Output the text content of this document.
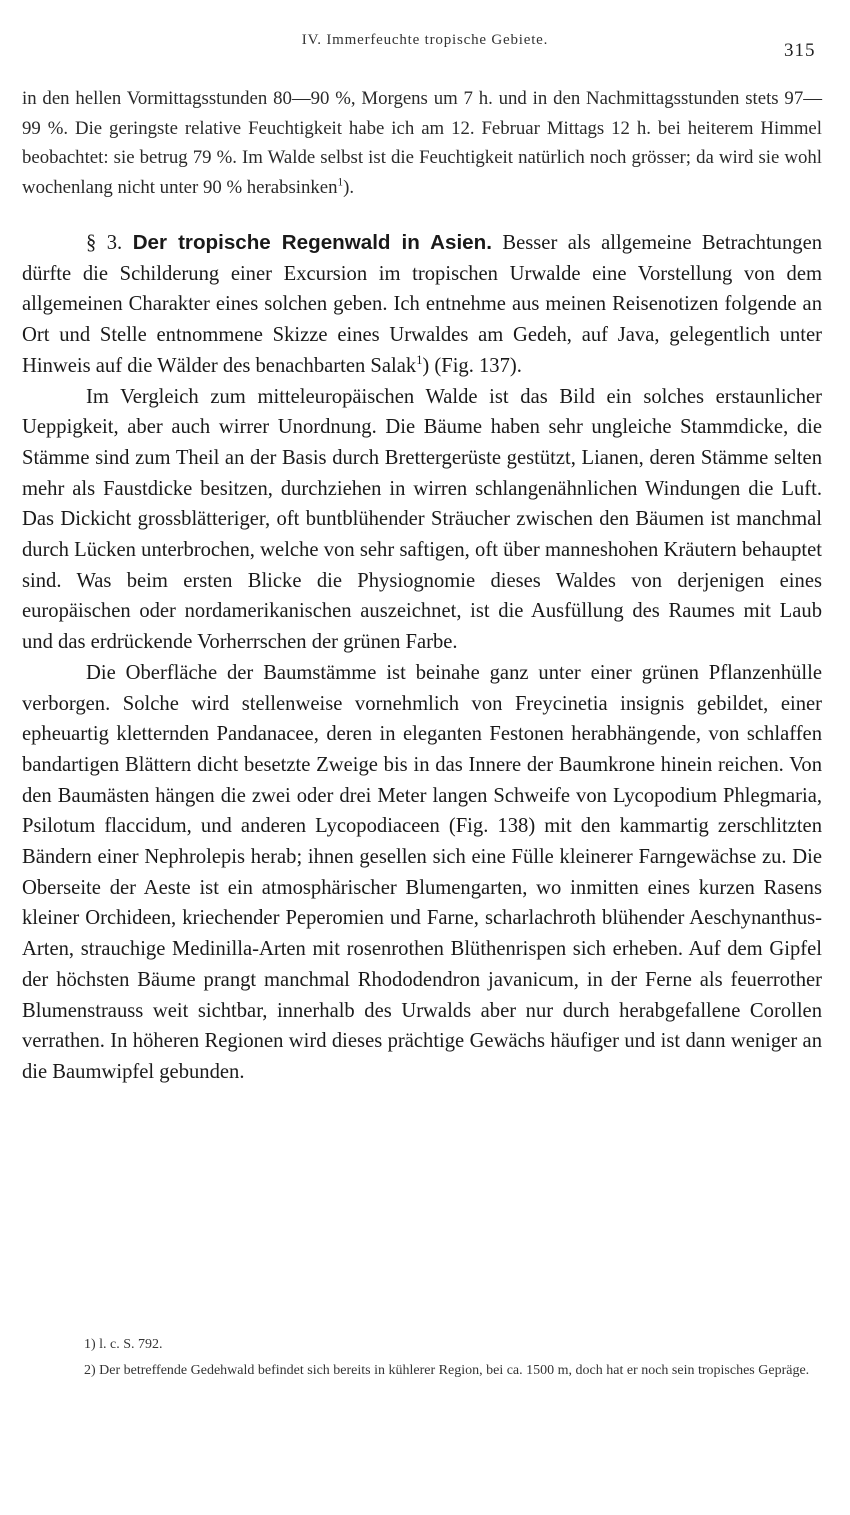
IV. Immerfeuchte tropische Gebiete.	315

in den hellen Vormittagsstunden 80—90 %, Morgens um 7 h. und in den Nachmittagsstunden stets 97—99 %. Die geringste relative Feuchtigkeit habe ich am 12. Februar Mittags 12 h. bei heiterem Himmel beobachtet: sie betrug 79 %. Im Walde selbst ist die Feuchtigkeit natürlich noch grösser; da wird sie wohl wochenlang nicht unter 90 % herabsinken$^1$).

§ 3. Der tropische Regenwald in Asien. Besser als allgemeine Betrachtungen dürfte die Schilderung einer Excursion im tropischen Urwalde eine Vorstellung von dem allgemeinen Charakter eines solchen geben. Ich entnehme aus meinen Reisenotizen folgende an Ort und Stelle entnommene Skizze eines Urwaldes am Gedeh, auf Java, gelegentlich unter Hinweis auf die Wälder des benachbarten Salak$^1$) (Fig. 137).

Im Vergleich zum mitteleuropäischen Walde ist das Bild ein solches erstaunlicher Ueppigkeit, aber auch wirrer Unordnung. Die Bäume haben sehr ungleiche Stammdicke, die Stämme sind zum Theil an der Basis durch Brettergerüste gestützt, Lianen, deren Stämme selten mehr als Faustdicke besitzen, durchziehen in wirren schlangenähnlichen Windungen die Luft. Das Dickicht grossblätteriger, oft buntblühender Sträucher zwischen den Bäumen ist manchmal durch Lücken unterbrochen, welche von sehr saftigen, oft über manneshohen Kräutern behauptet sind. Was beim ersten Blicke die Physiognomie dieses Waldes von derjenigen eines europäischen oder nordamerikanischen auszeichnet, ist die Ausfüllung des Raumes mit Laub und das erdrückende Vorherrschen der grünen Farbe.

Die Oberfläche der Baumstämme ist beinahe ganz unter einer grünen Pflanzenhülle verborgen. Solche wird stellenweise vornehmlich von Freycinetia insignis gebildet, einer epheuartig kletternden Pandanacee, deren in eleganten Festonen herabhängende, von schlaffen bandartigen Blättern dicht besetzte Zweige bis in das Innere der Baumkrone hinein reichen. Von den Baumästen hängen die zwei oder drei Meter langen Schweife von Lycopodium Phlegmaria, Psilotum flaccidum, und anderen Lycopodiaceen (Fig. 138) mit den kammartig zerschlitzten Bändern einer Nephrolepis herab; ihnen gesellen sich eine Fülle kleinerer Farngewächse zu. Die Oberseite der Aeste ist ein atmosphärischer Blumengarten, wo inmitten eines kurzen Rasens kleiner Orchideen, kriechender Peperomien und Farne, scharlachroth blühender Aeschynanthus-Arten, strauchige Medinilla-Arten mit rosenrothen Blüthenrispen sich erheben. Auf dem Gipfel der höchsten Bäume prangt manchmal Rhododendron javanicum, in der Ferne als feuerrother Blumenstrauss weit sichtbar, innerhalb des Urwalds aber nur durch herabgefallene Corollen verrathen. In höheren Regionen wird dieses prächtige Gewächs häufiger und ist dann weniger an die Baumwipfel gebunden.

1) l. c. S. 792.

2) Der betreffende Gedehwald befindet sich bereits in kühlerer Region, bei ca. 1500 m, doch hat er noch sein tropisches Gepräge.
